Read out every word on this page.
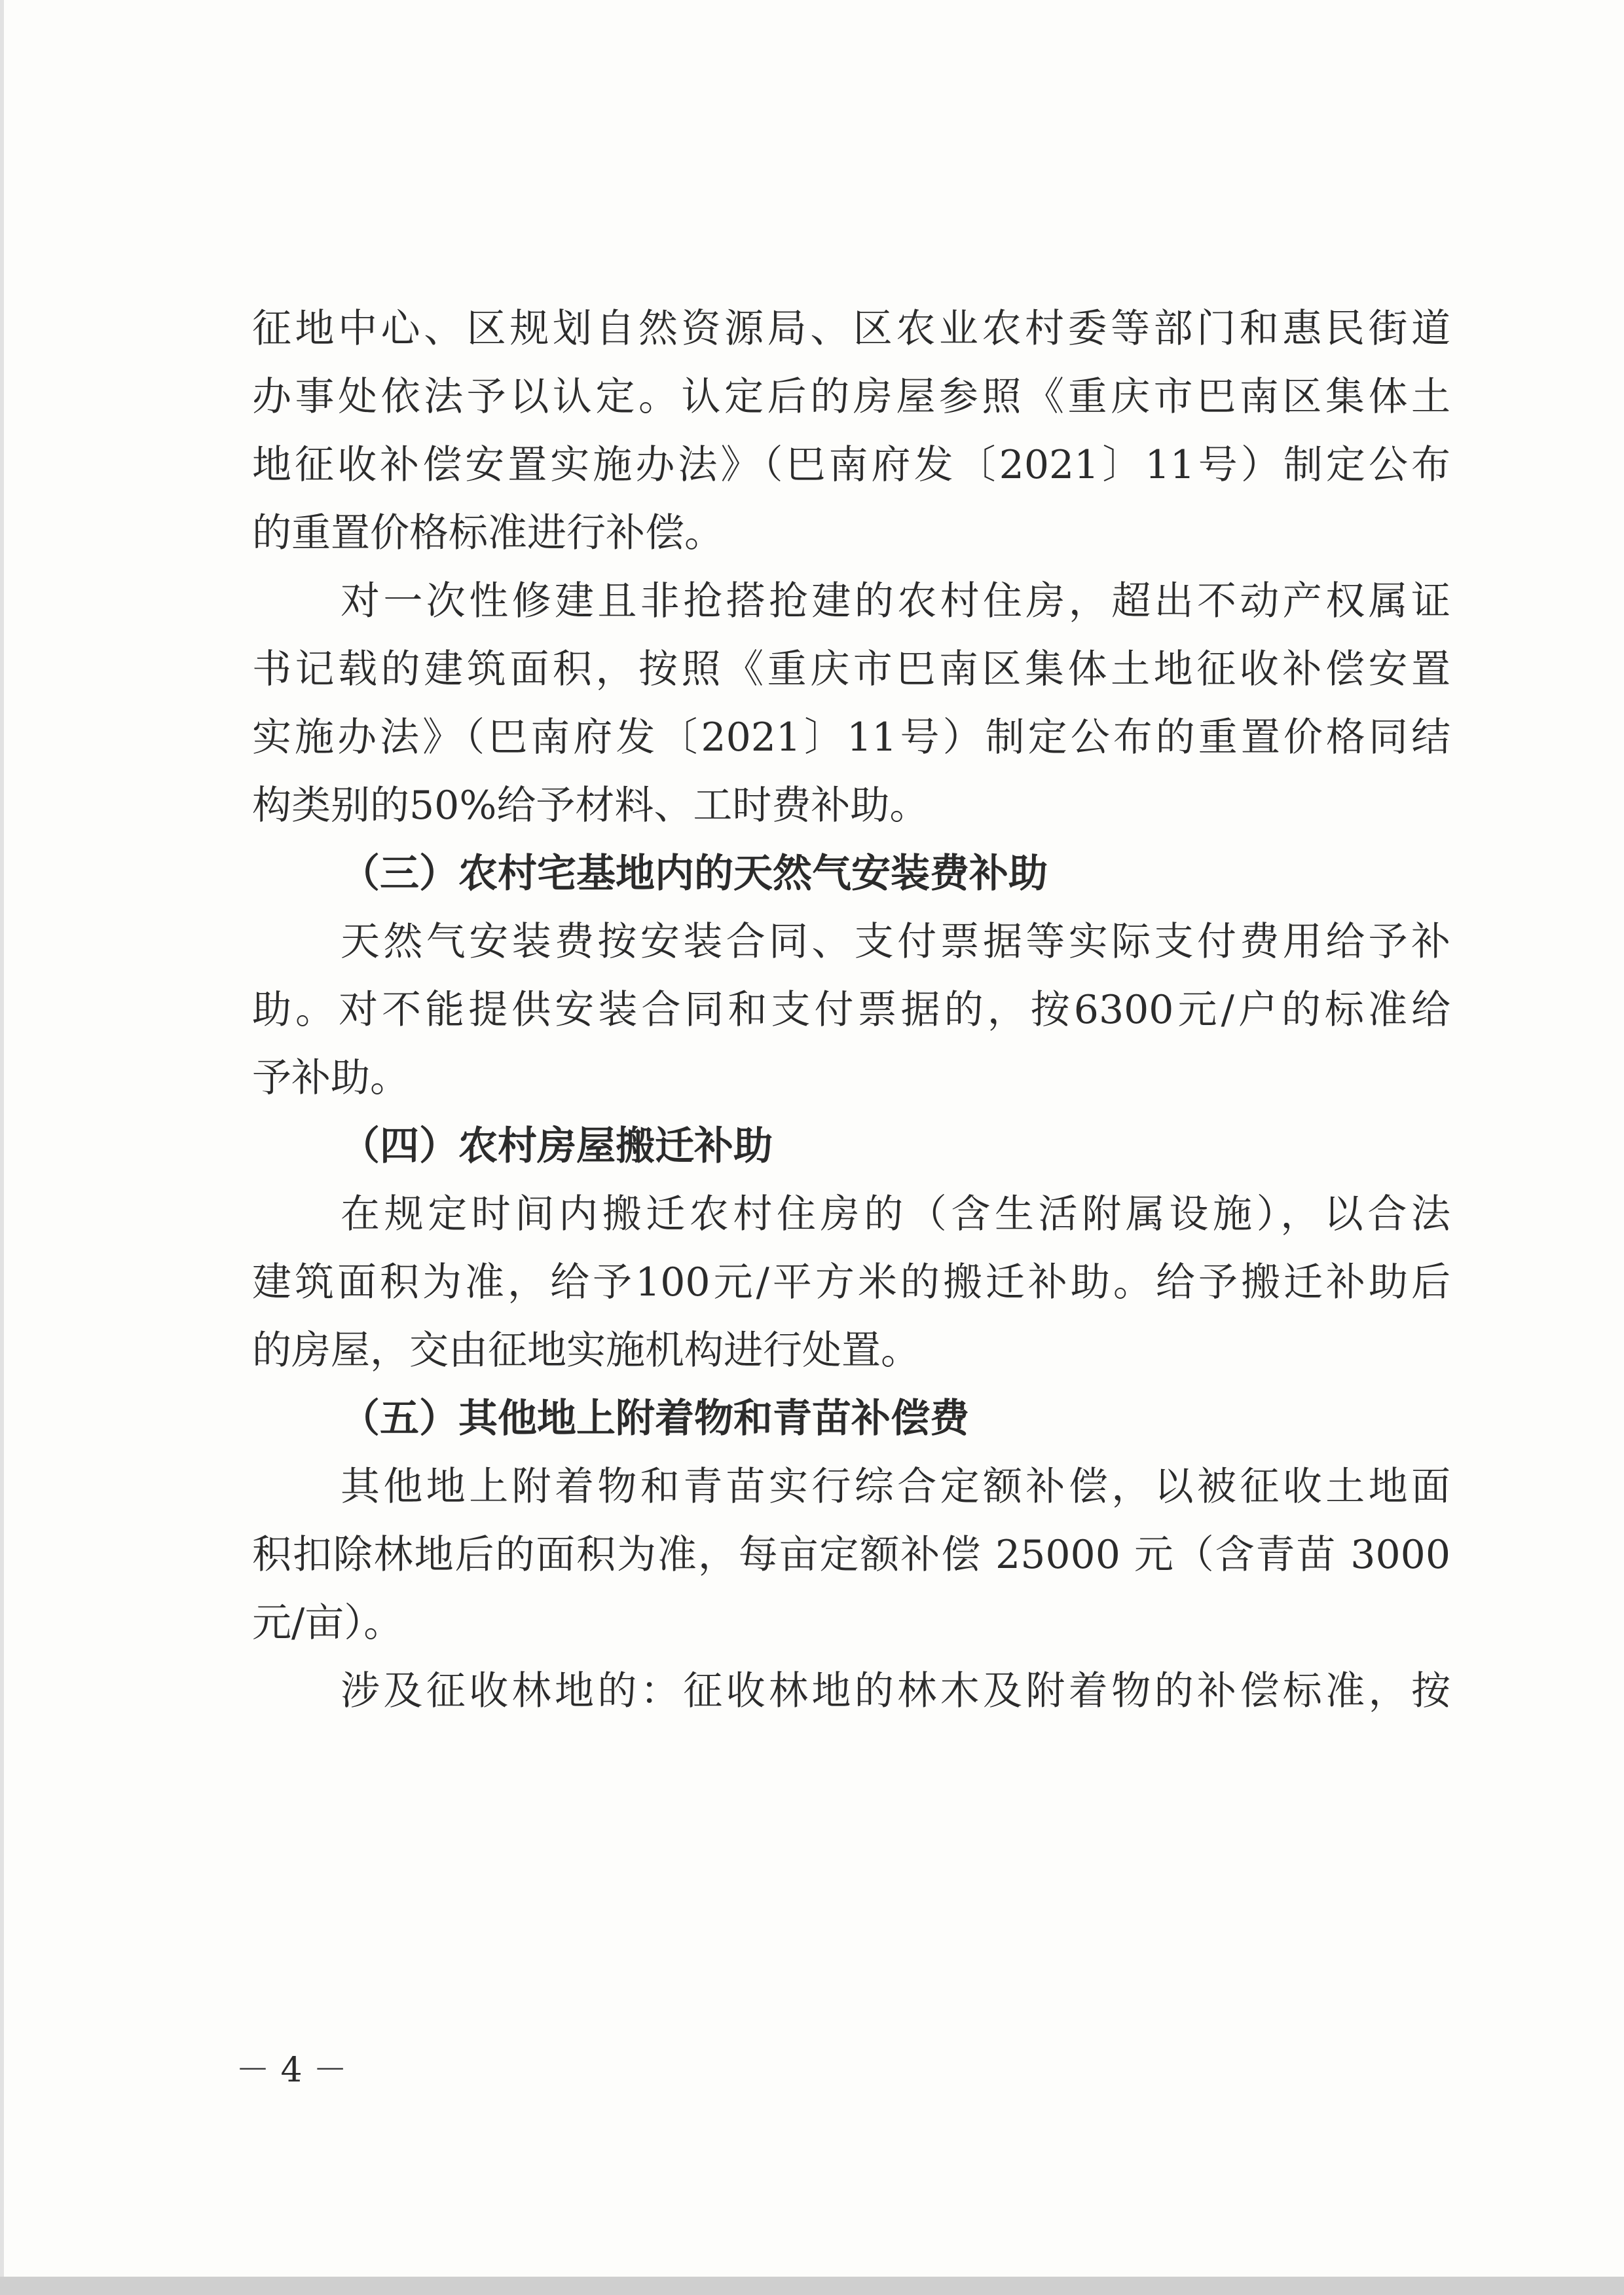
征地中心、区规划自然资源局、区农业农村委等部门和惠民街道
办事处依法予以认定。认定后的房屋参照《重庆市巴南区集体土
地征收补偿安置实施办法》（巴南府发〔2021〕11号）制定公布
的重置价格标准进行补偿。
对一次性修建且非抢搭抢建的农村住房，超出不动产权属证
书记载的建筑面积，按照《重庆市巴南区集体土地征收补偿安置
实施办法》（巴南府发〔2021〕11号）制定公布的重置价格同结
构类别的50%给予材料、工时费补助。
（三）农村宅基地内的天然气安装费补助
天然气安装费按安装合同、支付票据等实际支付费用给予补
助。对不能提供安装合同和支付票据的，按6300元/户的标准给
予补助。
（四）农村房屋搬迁补助
在规定时间内搬迁农村住房的（含生活附属设施），以合法
建筑面积为准，给予100元/平方米的搬迁补助。给予搬迁补助后
的房屋，交由征地实施机构进行处置。
（五）其他地上附着物和青苗补偿费
其他地上附着物和青苗实行综合定额补偿，以被征收土地面
积扣除林地后的面积为准，每亩定额补偿 25000 元（含青苗 3000
元/亩）。
涉及征收林地的：征收林地的林木及附着物的补偿标准，按
－ 4 －
